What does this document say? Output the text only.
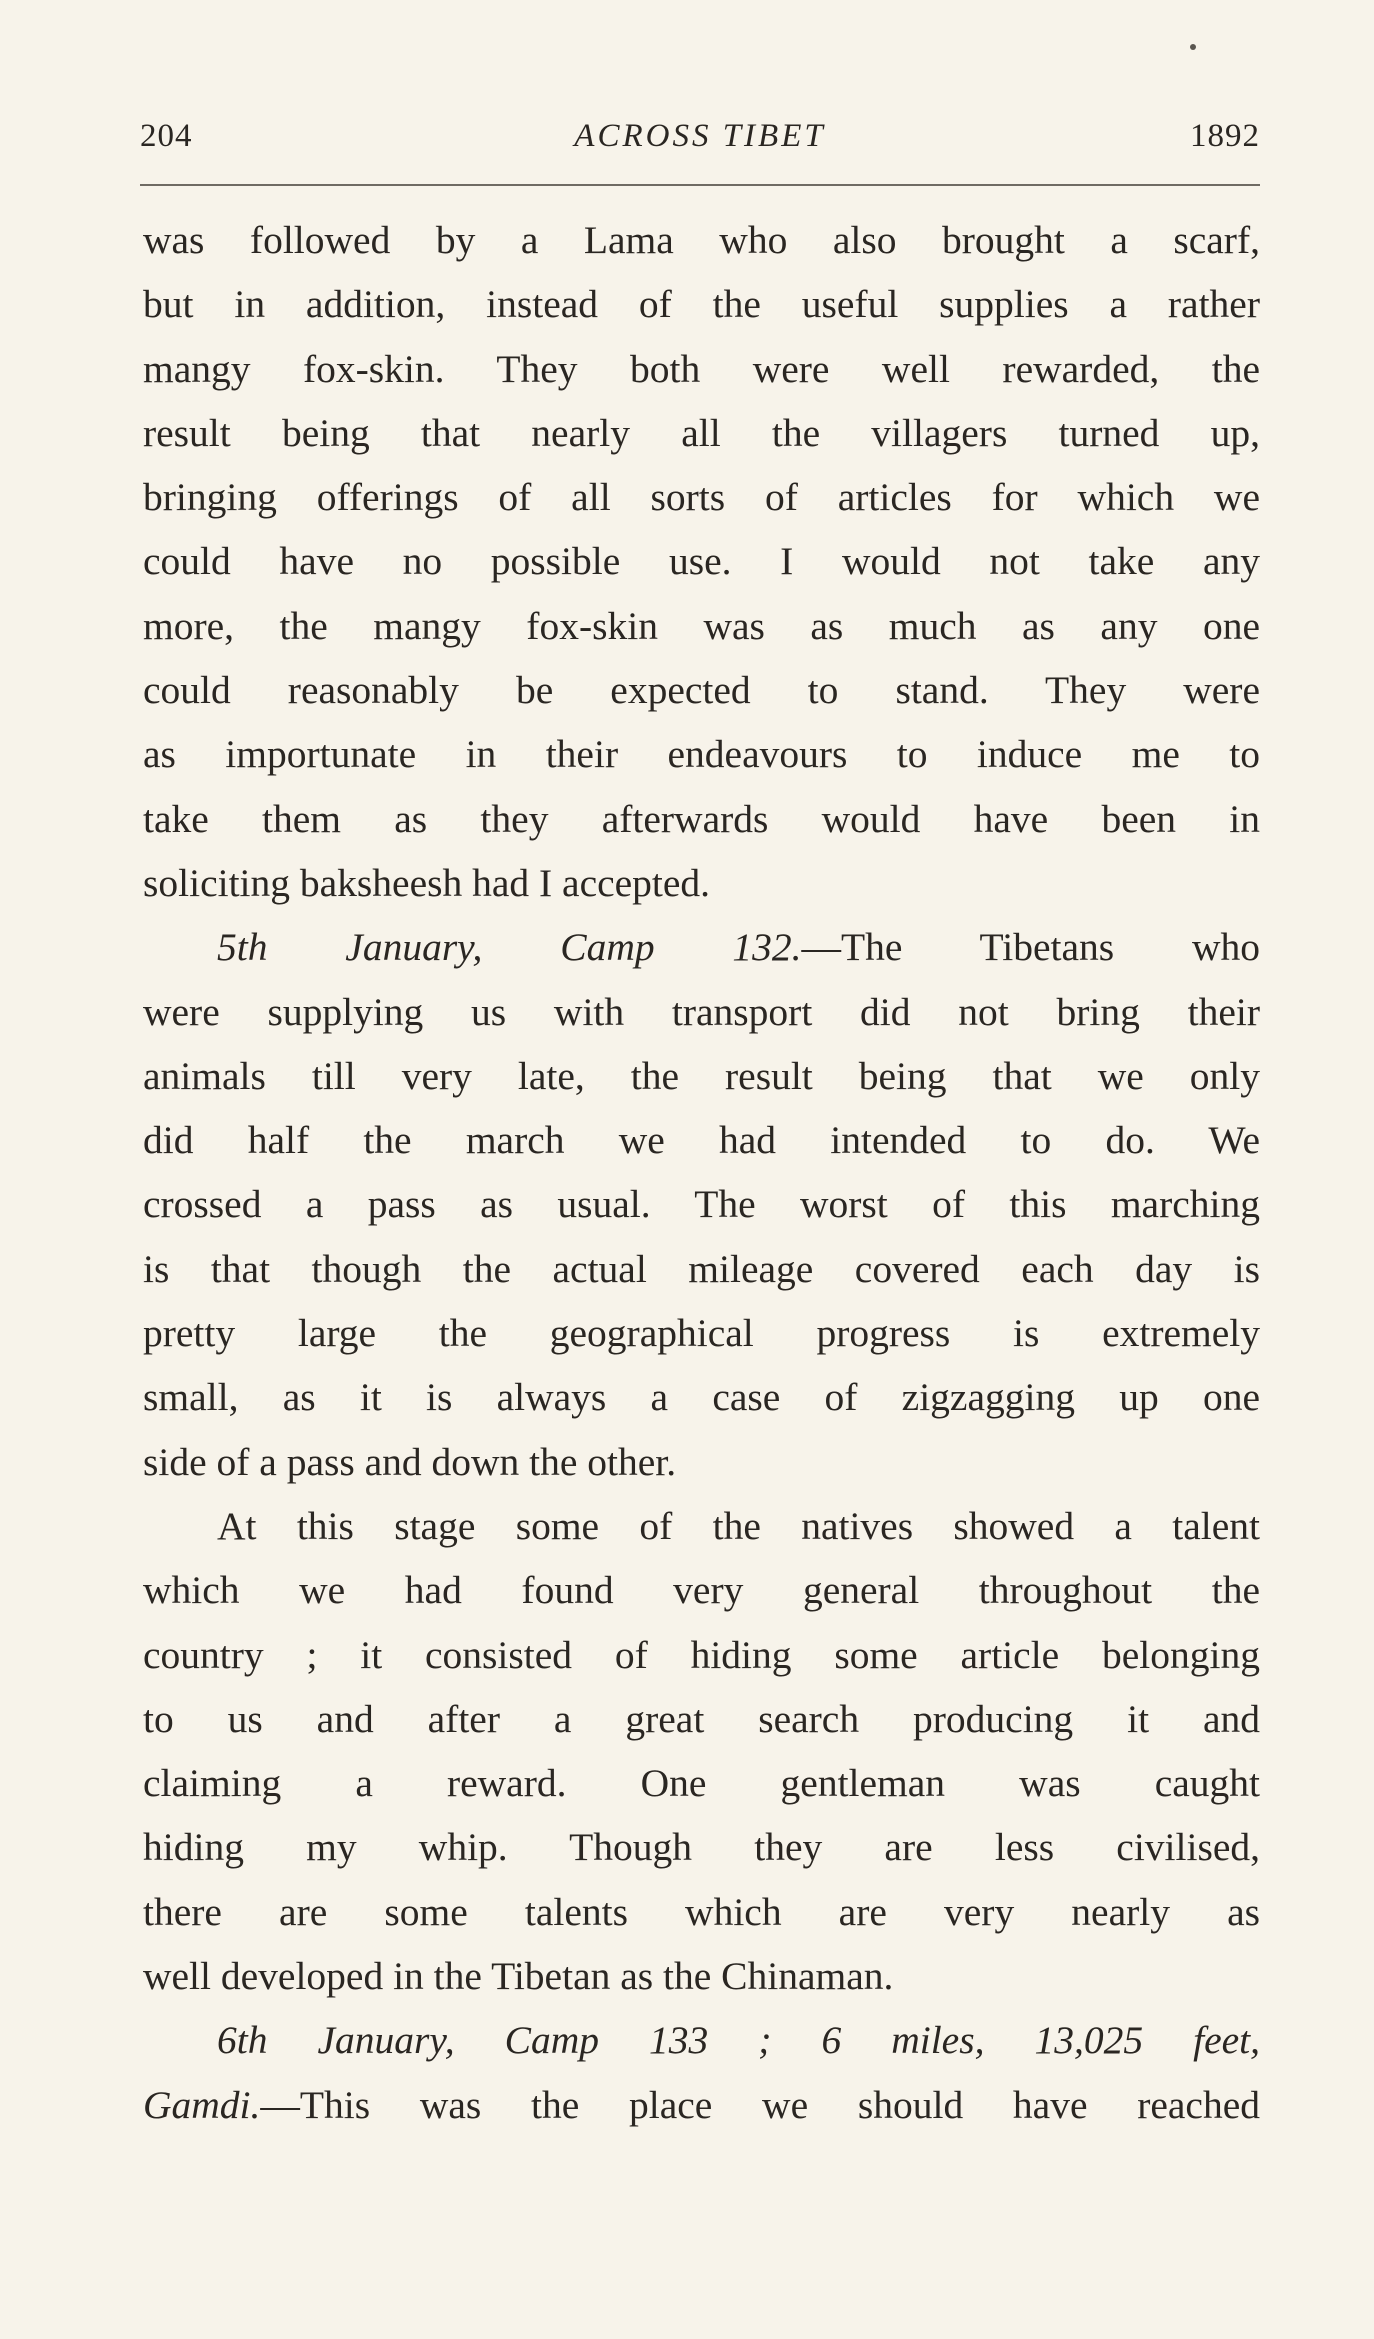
204	ACROSS TIBET	1892
was followed by a Lama who also brought a scarf,
but in addition, instead of the useful supplies a rather
mangy fox-skin. They both were well rewarded, the
result being that nearly all the villagers turned up,
bringing offerings of all sorts of articles for which we
could have no possible use. I would not take any
more, the mangy fox-skin was as much as any one
could reasonably be expected to stand. They were
as importunate in their endeavours to induce me to
take them as they afterwards would have been in
soliciting baksheesh had I accepted.
5th January, Camp 132.—The Tibetans who
were supplying us with transport did not bring their
animals till very late, the result being that we only
did half the march we had intended to do. We
crossed a pass as usual. The worst of this marching
is that though the actual mileage covered each day is
pretty large the geographical progress is extremely
small, as it is always a case of zigzagging up one
side of a pass and down the other.
At this stage some of the natives showed a talent
which we had found very general throughout the
country ; it consisted of hiding some article belonging
to us and after a great search producing it and
claiming a reward. One gentleman was caught
hiding my whip. Though they are less civilised,
there are some talents which are very nearly as
well developed in the Tibetan as the Chinaman.
6th January, Camp 133 ; 6 miles, 13,025 feet,
Gamdi.—This was the place we should have reached
